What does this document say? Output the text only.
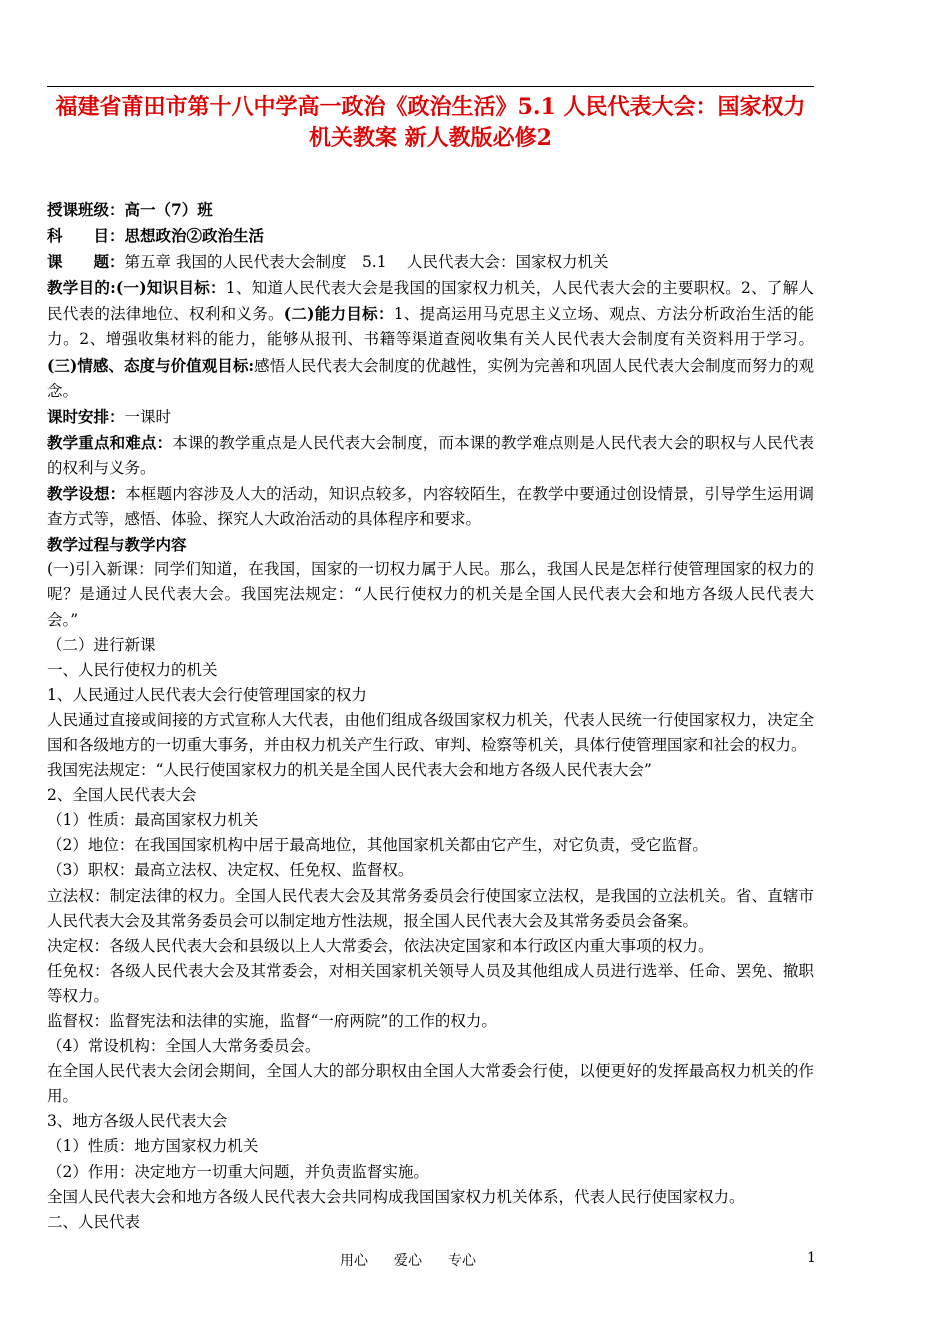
福建省莆田市第十八中学高一政治《政治生活》5.1 人民代表大会：国家权力机关教案 新人教版必修2

授课班级：高一（7）班

科　　目：思想政治②政治生活

课　　题：第五章 我国的人民代表大会制度　5.1　 人民代表大会：国家权力机关

教学目的:(一)知识目标：1、知道人民代表大会是我国的国家权力机关，人民代表大会的主要职权。2、了解人民代表的法律地位、权利和义务。(二)能力目标：1、提高运用马克思主义立场、观点、方法分析政治生活的能力。2、增强收集材料的能力，能够从报刊、书籍等渠道查阅收集有关人民代表大会制度有关资料用于学习。(三)情感、态度与价值观目标:感悟人民代表大会制度的优越性，实例为完善和巩固人民代表大会制度而努力的观念。

课时安排：一课时

教学重点和难点：本课的教学重点是人民代表大会制度，而本课的教学难点则是人民代表大会的职权与人民代表的权利与义务。

教学设想：本框题内容涉及人大的活动，知识点较多，内容较陌生，在教学中要通过创设情景，引导学生运用调查方式等，感悟、体验、探究人大政治活动的具体程序和要求。

教学过程与教学内容

(一)引入新课：同学们知道，在我国，国家的一切权力属于人民。那么，我国人民是怎样行使管理国家的权力的呢？是通过人民代表大会。我国宪法规定：“人民行使权力的机关是全国人民代表大会和地方各级人民代表大会。”

（二）进行新课

一、人民行使权力的机关

1、人民通过人民代表大会行使管理国家的权力

人民通过直接或间接的方式宣称人大代表，由他们组成各级国家权力机关，代表人民统一行使国家权力，决定全国和各级地方的一切重大事务，并由权力机关产生行政、审判、检察等机关，具体行使管理国家和社会的权力。

我国宪法规定：“人民行使国家权力的机关是全国人民代表大会和地方各级人民代表大会”

2、全国人民代表大会

（1）性质：最高国家权力机关

（2）地位：在我国国家机构中居于最高地位，其他国家机关都由它产生，对它负责，受它监督。

（3）职权：最高立法权、决定权、任免权、监督权。

立法权：制定法律的权力。全国人民代表大会及其常务委员会行使国家立法权，是我国的立法机关。省、直辖市人民代表大会及其常务委员会可以制定地方性法规，报全国人民代表大会及其常务委员会备案。

决定权：各级人民代表大会和县级以上人大常委会，依法决定国家和本行政区内重大事项的权力。

任免权：各级人民代表大会及其常委会，对相关国家机关领导人员及其他组成人员进行选举、任命、罢免、撤职等权力。

监督权：监督宪法和法律的实施，监督“一府两院”的工作的权力。

（4）常设机构：全国人大常务委员会。

在全国人民代表大会闭会期间，全国人大的部分职权由全国人大常委会行使，以便更好的发挥最高权力机关的作用。

3、地方各级人民代表大会

（1）性质：地方国家权力机关

（2）作用：决定地方一切重大问题，并负责监督实施。

全国人民代表大会和地方各级人民代表大会共同构成我国国家权力机关体系，代表人民行使国家权力。

二、人民代表

用心 爱心 专心	1
